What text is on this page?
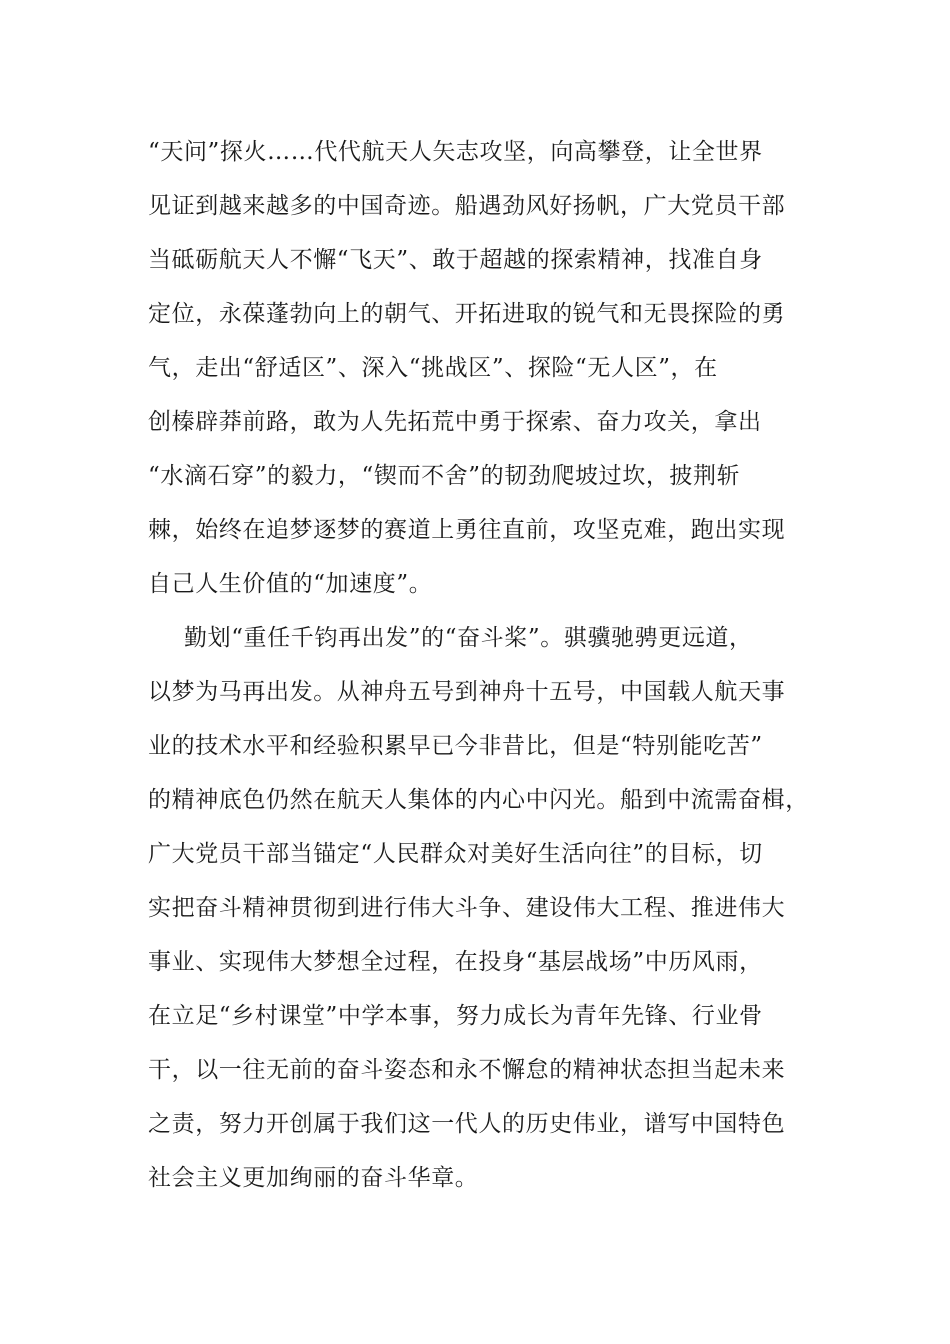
“天问”探火……代代航天人矢志攻坚，向高攀登，让全世界
见证到越来越多的中国奇迹。船遇劲风好扬帆，广大党员干部
当砥砺航天人不懈“飞天”、敢于超越的探索精神，找准自身
定位，永葆蓬勃向上的朝气、开拓进取的锐气和无畏探险的勇
气，走出“舒适区”、深入“挑战区”、探险“无人区”，在
创榛辟莽前路，敢为人先拓荒中勇于探索、奋力攻关，拿出
“水滴石穿”的毅力，“锲而不舍”的韧劲爬坡过坎，披荆斩
棘，始终在追梦逐梦的赛道上勇往直前，攻坚克难，跑出实现
自己人生价值的“加速度”。
勤划“重任千钧再出发”的“奋斗桨”。骐骥驰骋更远道，
以梦为马再出发。从神舟五号到神舟十五号，中国载人航天事
业的技术水平和经验积累早已今非昔比，但是“特别能吃苦”
的精神底色仍然在航天人集体的内心中闪光。船到中流需奋楫，
广大党员干部当锚定“人民群众对美好生活向往”的目标，切
实把奋斗精神贯彻到进行伟大斗争、建设伟大工程、推进伟大
事业、实现伟大梦想全过程，在投身“基层战场”中历风雨，
在立足“乡村课堂”中学本事，努力成长为青年先锋、行业骨
干，以一往无前的奋斗姿态和永不懈怠的精神状态担当起未来
之责，努力开创属于我们这一代人的历史伟业，谱写中国特色
社会主义更加绚丽的奋斗华章。
